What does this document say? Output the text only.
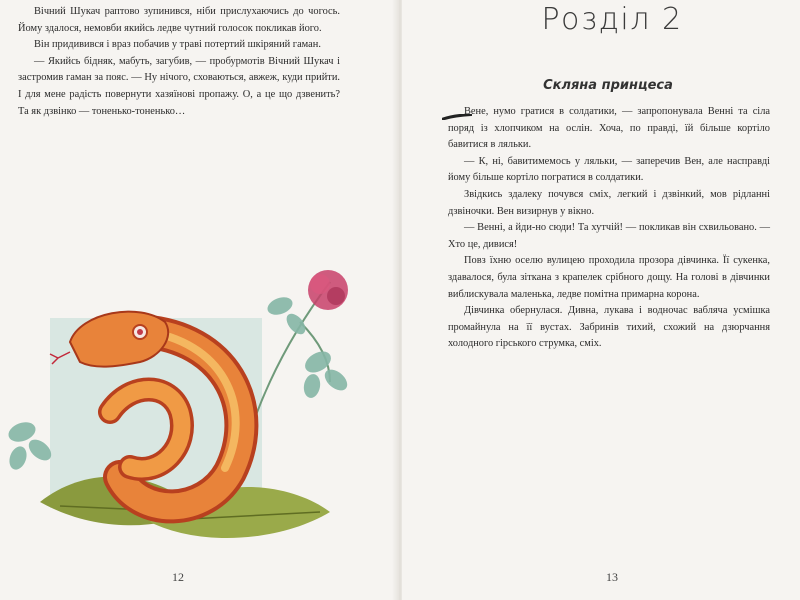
Вічний Шукач раптово зупинився, ніби прислухаючись до чогось. Йому здалося, немовби якийсь ледве чутний голосок покликав його.

Він придивився і враз побачив у траві потертий шкіряний гаман.

— Якийсь бідняк, мабуть, загубив, — пробурмотів Вічний Шукач і застромив гаман за пояс. — Ну нічого, сховаються, авжеж, куди прийти. І для мене радість повернути хазяїнові пропажу. О, а це що дзвенить? Та як дзвінко — тоненько-тоненько…

12
Розділ 2
Скляна принцеса

Вене, нумо гратися в солдатики, — запропонувала Венні та сіла поряд із хлопчиком на ослін. Хоча, по правді, їй більше кортіло бавитися в ляльки.

— К, ні, бавитимемось у ляльки, — заперечив Вен, але насправді йому більше кортіло погратися в солдатики.

Звідкись здалеку почувся сміх, легкий і дзвінкий, мов рідланні дзвіночки. Вен визирнув у вікно.

— Венні, а йди-но сюди! Та хутчій! — покликав він схвильовано. — Хто це, дивися!

Повз їхню оселю вулицею проходила прозора дівчинка. Її сукенка, здавалося, була зіткана з крапелек срібного дощу. На голові в дівчинки виблискувала маленька, ледве помітна примарна корона.

Дівчинка обернулася. Дивна, лукава і водночас вабляча усмішка промайнула на її вустах. Забринів тихий, схожий на дзюрчання холодного гірського струмка, сміх.

13
